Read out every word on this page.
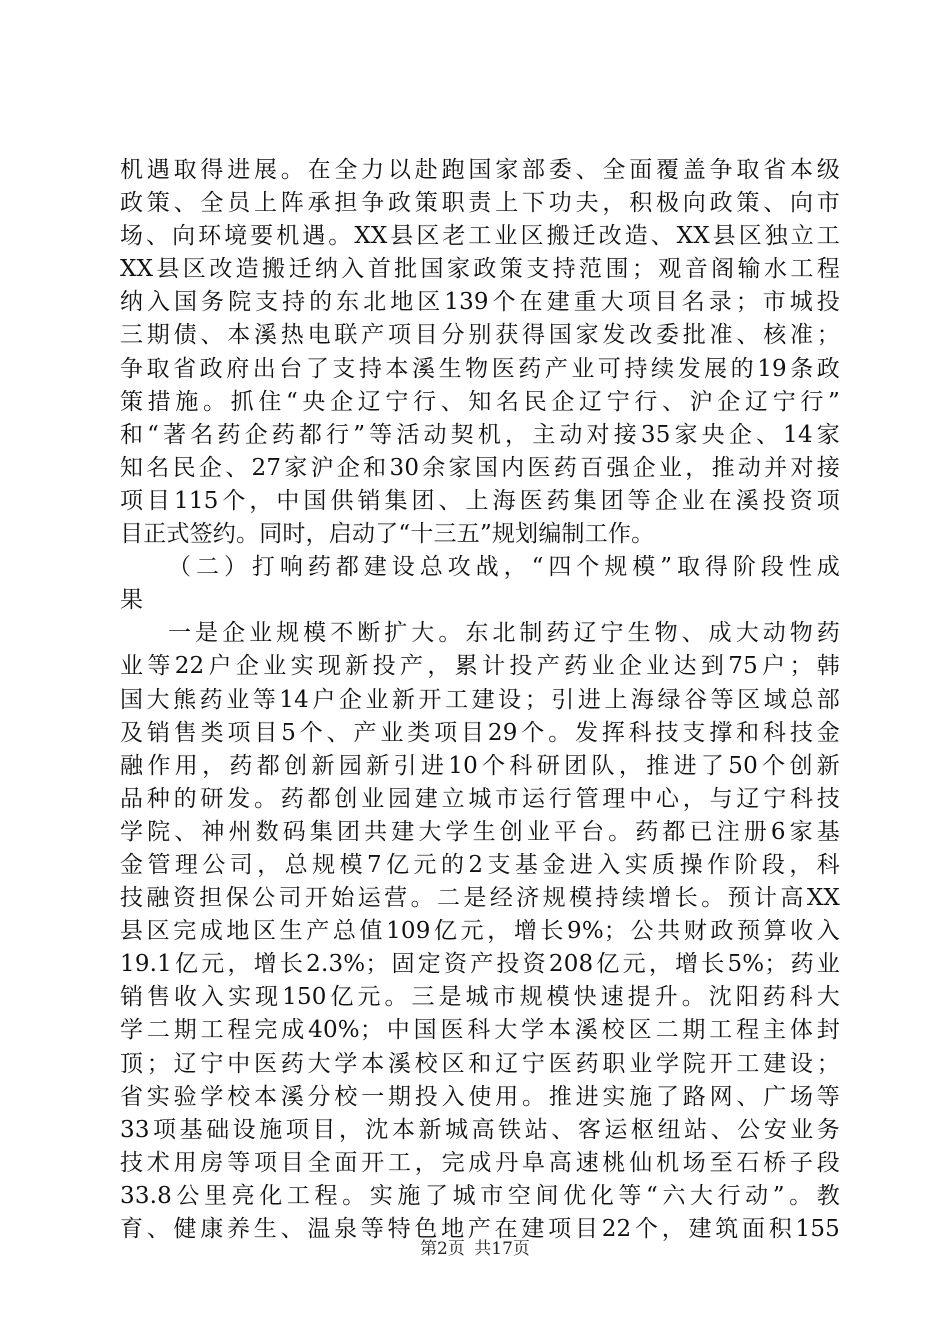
机遇取得进展。在全力以赴跑国家部委、全面覆盖争取省本级
政策、全员上阵承担争政策职责上下功夫，积极向政策、向市
场、向环境要机遇。XX县区老工业区搬迁改造、XX县区独立工
XX县区改造搬迁纳入首批国家政策支持范围；观音阁输水工程
纳入国务院支持的东北地区139个在建重大项目名录；市城投
三期债、本溪热电联产项目分别获得国家发改委批准、核准；
争取省政府出台了支持本溪生物医药产业可持续发展的19条政
策措施。抓住“央企辽宁行、知名民企辽宁行、沪企辽宁行”
和“著名药企药都行”等活动契机，主动对接35家央企、14家
知名民企、27家沪企和30余家国内医药百强企业，推动并对接
项目115个，中国供销集团、上海医药集团等企业在溪投资项
目正式签约。同时，启动了“十三五”规划编制工作。
（二）打响药都建设总攻战，“四个规模”取得阶段性成
果
一是企业规模不断扩大。东北制药辽宁生物、成大动物药
业等22户企业实现新投产，累计投产药业企业达到75户；韩
国大熊药业等14户企业新开工建设；引进上海绿谷等区域总部
及销售类项目5个、产业类项目29个。发挥科技支撑和科技金
融作用，药都创新园新引进10个科研团队，推进了50个创新
品种的研发。药都创业园建立城市运行管理中心，与辽宁科技
学院、神州数码集团共建大学生创业平台。药都已注册6家基
金管理公司，总规模7亿元的2支基金进入实质操作阶段，科
技融资担保公司开始运营。二是经济规模持续增长。预计高XX
县区完成地区生产总值109亿元，增长9%；公共财政预算收入
19.1亿元，增长2.3%；固定资产投资208亿元，增长5%；药业
销售收入实现150亿元。三是城市规模快速提升。沈阳药科大
学二期工程完成40%；中国医科大学本溪校区二期工程主体封
顶；辽宁中医药大学本溪校区和辽宁医药职业学院开工建设；
省实验学校本溪分校一期投入使用。推进实施了路网、广场等
33项基础设施项目，沈本新城高铁站、客运枢纽站、公安业务
技术用房等项目全面开工，完成丹阜高速桃仙机场至石桥子段
33.8公里亮化工程。实施了城市空间优化等“六大行动”。教
育、健康养生、温泉等特色地产在建项目22个，建筑面积155
第2页 共17页
